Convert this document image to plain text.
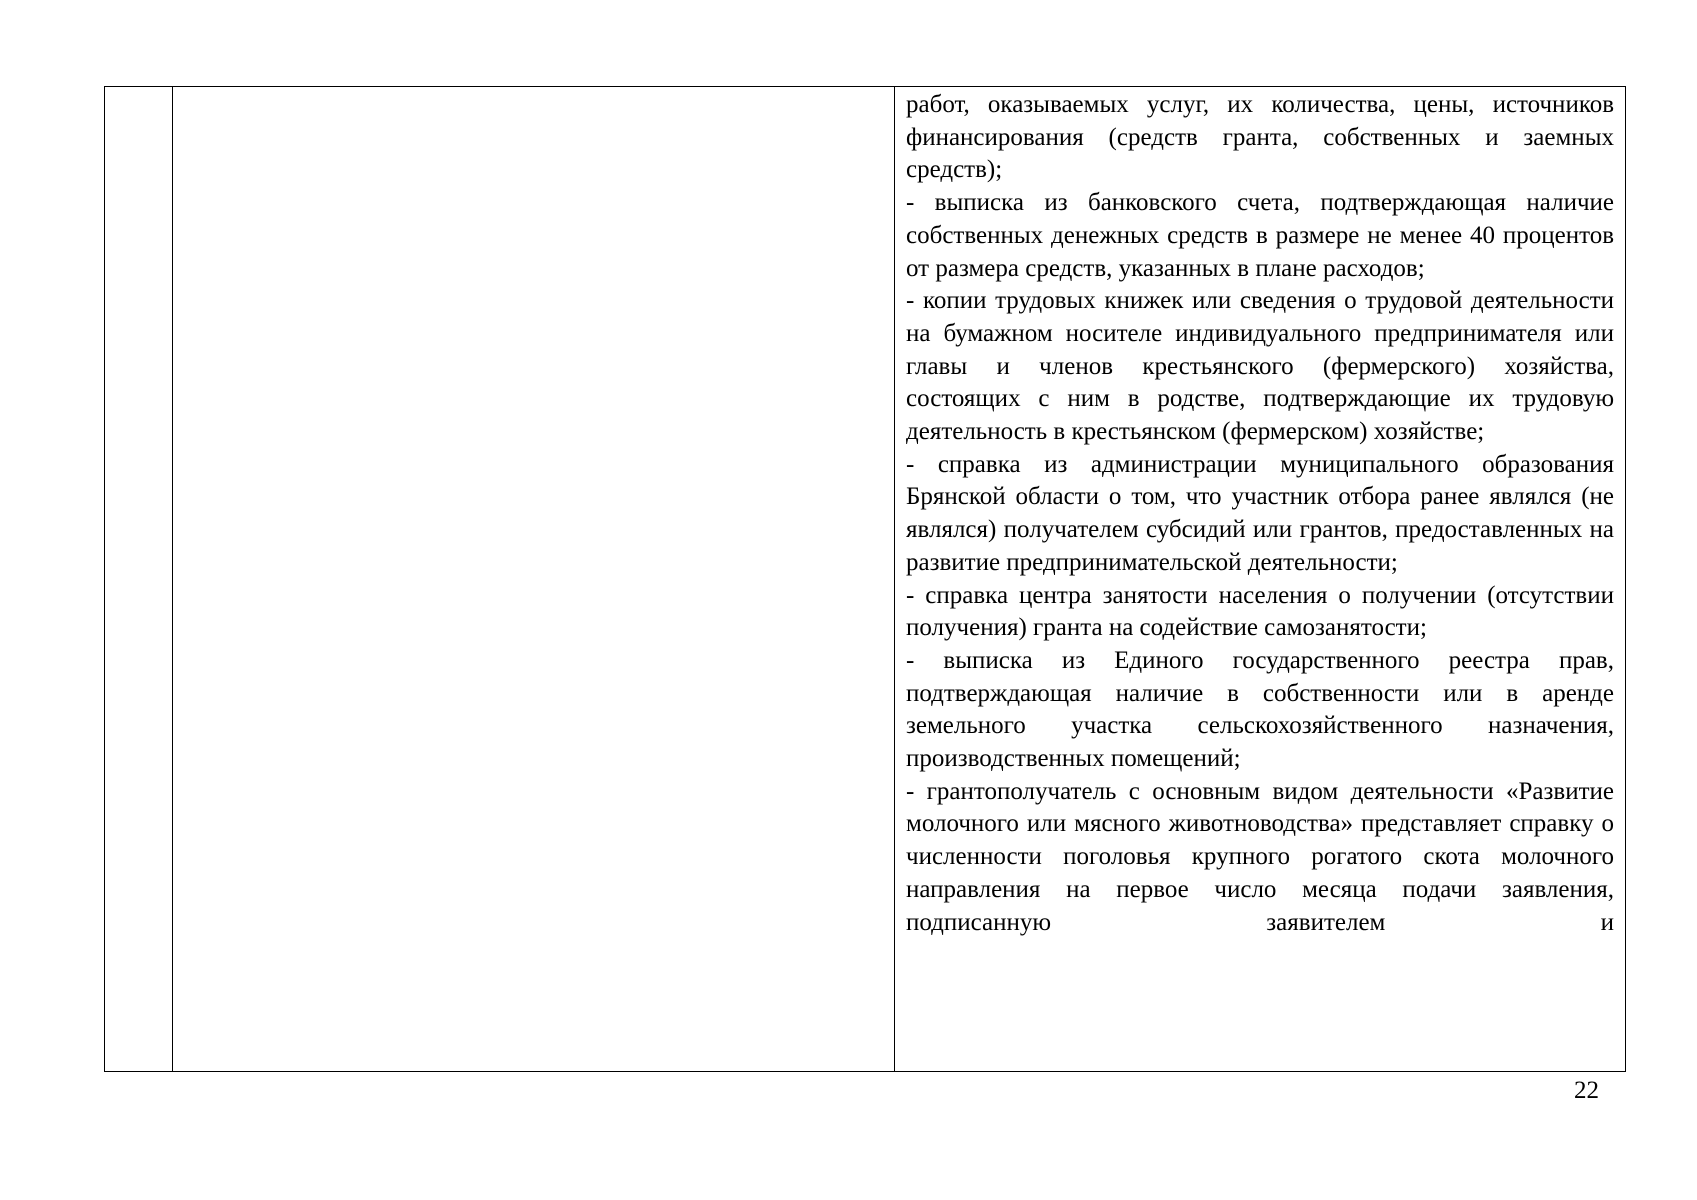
работ, оказываемых услуг, их количества, цены, источников финансирования (средств гранта, собственных и заемных средств);

- выписка из банковского счета, подтверждающая наличие собственных денежных средств в размере не менее 40 процентов от размера средств, указанных в плане расходов;

- копии трудовых книжек или сведения о трудовой деятельности на бумажном носителе индивидуального предпринимателя или главы и членов крестьянского (фермерского) хозяйства, состоящих с ним в родстве, подтверждающие их трудовую деятельность в крестьянском (фермерском) хозяйстве;

- справка из администрации муниципального образования Брянской области о том, что участник отбора ранее являлся (не являлся) получателем субсидий или грантов, предоставленных на развитие предпринимательской деятельности;

- справка центра занятости населения о получении (отсутствии получения) гранта на содействие самозанятости;

- выписка из Единого государственного реестра прав, подтверждающая наличие в собственности или в аренде земельного участка сельскохозяйственного назначения, производственных помещений;

- грантополучатель с основным видом деятельности «Развитие молочного или мясного животноводства» представляет справку о численности поголовья крупного рогатого скота молочного направления на первое число месяца подачи заявления, подписанную заявителем и

22
